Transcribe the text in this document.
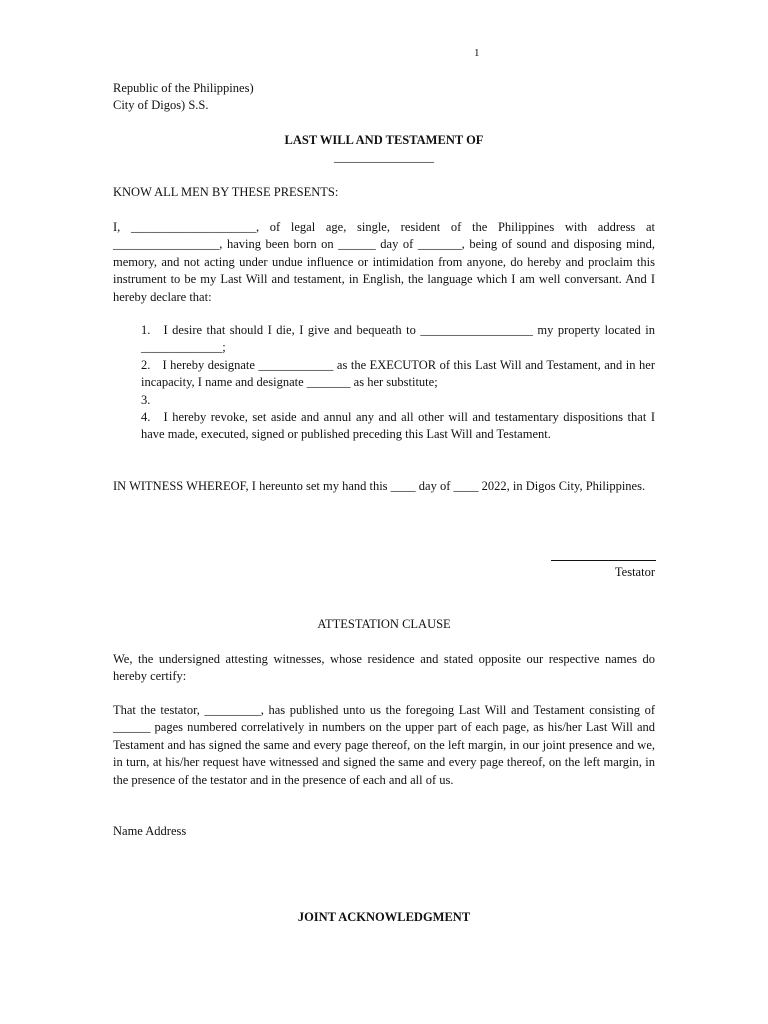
1
Republic of the Philippines)
City of Digos) S.S.
LAST WILL AND TESTAMENT OF
________________
KNOW ALL MEN BY THESE PRESENTS:
I, ____________________, of legal age, single, resident of the Philippines with address at _________________, having been born on ______ day of _______, being of sound and disposing mind, memory, and not acting under undue influence or intimidation from anyone, do hereby and proclaim this instrument to be my Last Will and testament, in English, the language which I am well conversant. And I hereby declare that:
1. I desire that should I die, I give and bequeath to __________________ my property located in _____________;
2. I hereby designate ____________ as the EXECUTOR of this Last Will and Testament, and in her incapacity, I name and designate _______ as her substitute;
3.
4. I hereby revoke, set aside and annul any and all other will and testamentary dispositions that I have made, executed, signed or published preceding this Last Will and Testament.
IN WITNESS WHEREOF, I hereunto set my hand this ____ day of ____ 2022, in Digos City, Philippines.
Testator
ATTESTATION CLAUSE
We, the undersigned attesting witnesses, whose residence and stated opposite our respective names do hereby certify:
That the testator, _________, has published unto us the foregoing Last Will and Testament consisting of ______ pages numbered correlatively in numbers on the upper part of each page, as his/her Last Will and Testament and has signed the same and every page thereof, on the left margin, in our joint presence and we, in turn, at his/her request have witnessed and signed the same and every page thereof, on the left margin, in the presence of the testator and in the presence of each and all of us.
Name Address
JOINT ACKNOWLEDGMENT
